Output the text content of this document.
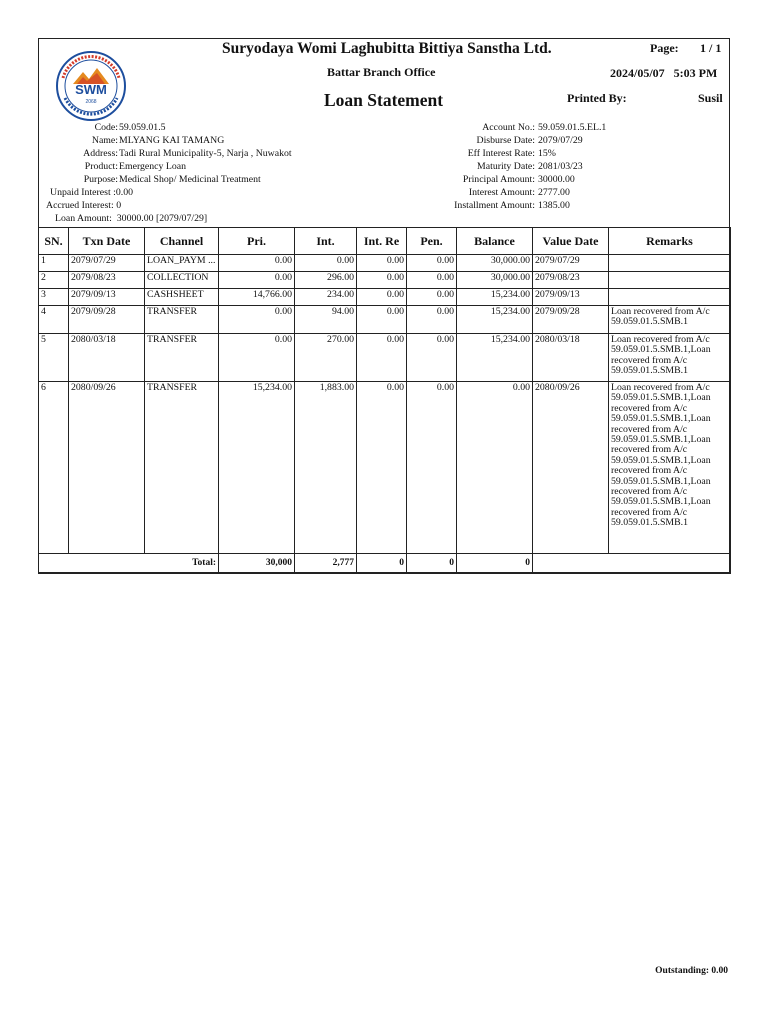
SWM
2068
Suryodaya Womi Laghubitta Bittiya Sanstha Ltd.
Battar Branch Office
Loan Statement
Page: 1 / 1
2024/05/07   5:03 PM
Printed By:	Susil
Code: 59.059.01.5
Name: MLYANG KAI TAMANG
Address: Tadi Rural Municipality-5, Narja , Nuwakot
Product: Emergency Loan
Purpose: Medical Shop/ Medicinal Treatment
Unpaid Interest :0.00
Accrued Interest: 0
Loan Amount: 30000.00 [2079/07/29]
Account No.: 59.059.01.5.EL.1
Disburse Date: 2079/07/29
Eff Interest Rate: 15%
Maturity Date: 2081/03/23
Principal Amount: 30000.00
Interest Amount: 2777.00
Installment Amount: 1385.00
SN.	Txn Date	Channel	Pri.	Int.	Int. Re	Pen.	Balance	Value Date	Remarks
1	2079/07/29	LOAN_PAYM ...	0.00	0.00	0.00	0.00	30,000.00	2079/07/29	
2	2079/08/23	COLLECTION	0.00	296.00	0.00	0.00	30,000.00	2079/08/23	
3	2079/09/13	CASHSHEET	14,766.00	234.00	0.00	0.00	15,234.00	2079/09/13	
4	2079/09/28	TRANSFER	0.00	94.00	0.00	0.00	15,234.00	2079/09/28	Loan recovered from A/c 59.059.01.5.SMB.1
5	2080/03/18	TRANSFER	0.00	270.00	0.00	0.00	15,234.00	2080/03/18	Loan recovered from A/c 59.059.01.5.SMB.1,Loan recovered from A/c 59.059.01.5.SMB.1
6	2080/09/26	TRANSFER	15,234.00	1,883.00	0.00	0.00	0.00	2080/09/26	Loan recovered from A/c 59.059.01.5.SMB.1,Loan recovered from A/c 59.059.01.5.SMB.1,Loan recovered from A/c 59.059.01.5.SMB.1,Loan recovered from A/c 59.059.01.5.SMB.1,Loan recovered from A/c 59.059.01.5.SMB.1,Loan recovered from A/c 59.059.01.5.SMB.1,Loan recovered from A/c 59.059.01.5.SMB.1
Total:			30,000	2,777	0	0	0		
Outstanding: 0.00
